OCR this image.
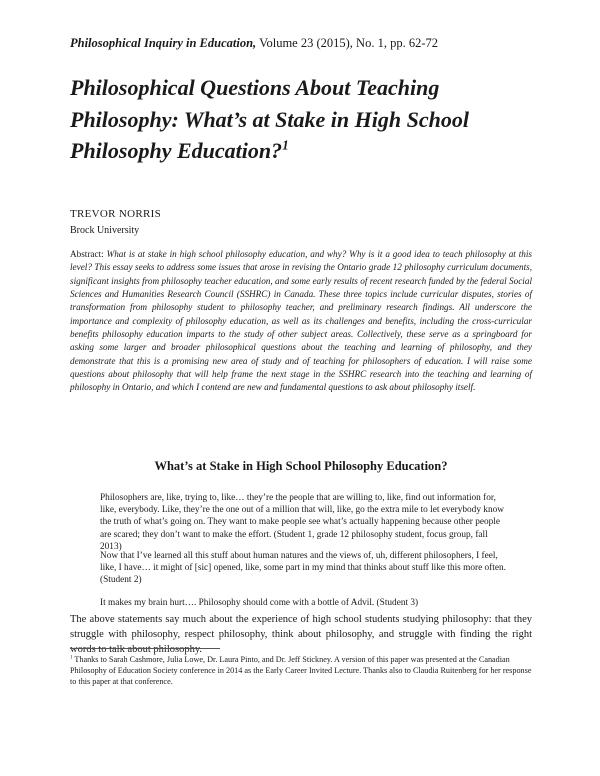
Philosophical Inquiry in Education, Volume 23 (2015), No. 1, pp. 62-72
Philosophical Questions About Teaching Philosophy: What’s at Stake in High School Philosophy Education?$^1$
TREVOR NORRIS
Brock University

Abstract: What is at stake in high school philosophy education, and why? Why is it a good idea to teach philosophy at this level? This essay seeks to address some issues that arose in revising the Ontario grade 12 philosophy curriculum documents, significant insights from philosophy teacher education, and some early results of recent research funded by the federal Social Sciences and Humanities Research Council (SSHRC) in Canada. These three topics include curricular disputes, stories of transformation from philosophy student to philosophy teacher, and preliminary research findings. All underscore the importance and complexity of philosophy education, as well as its challenges and benefits, including the cross-curricular benefits philosophy education imparts to the study of other subject areas. Collectively, these serve as a springboard for asking some larger and broader philosophical questions about the teaching and learning of philosophy, and they demonstrate that this is a promising new area of study and of teaching for philosophers of education. I will raise some questions about philosophy that will help frame the next stage in the SSHRC research into the teaching and learning of philosophy in Ontario, and which I contend are new and fundamental questions to ask about philosophy itself.

What’s at Stake in High School Philosophy Education?

Philosophers are, like, trying to, like… they’re the people that are willing to, like, find out information for, like, everybody. Like, they’re the one out of a million that will, like, go the extra mile to let everybody know the truth of what’s going on. They want to make people see what’s actually happening because other people are scared; they don’t want to make the effort. (Student 1, grade 12 philosophy student, focus group, fall 2013)

Now that I’ve learned all this stuff about human natures and the views of, uh, different philosophers, I feel, like, I have… it might of [sic] opened, like, some part in my mind that thinks about stuff like this more often. (Student 2)

It makes my brain hurt…. Philosophy should come with a bottle of Advil. (Student 3)

The above statements say much about the experience of high school students studying philosophy: that they struggle with philosophy, respect philosophy, think about philosophy, and struggle with finding the right words to talk about philosophy.

$^1$ Thanks to Sarah Cashmore, Julia Lowe, Dr. Laura Pinto, and Dr. Jeff Stickney. A version of this paper was presented at the Canadian Philosophy of Education Society conference in 2014 as the Early Career Invited Lecture. Thanks also to Claudia Ruitenberg for her response to this paper at that conference.
